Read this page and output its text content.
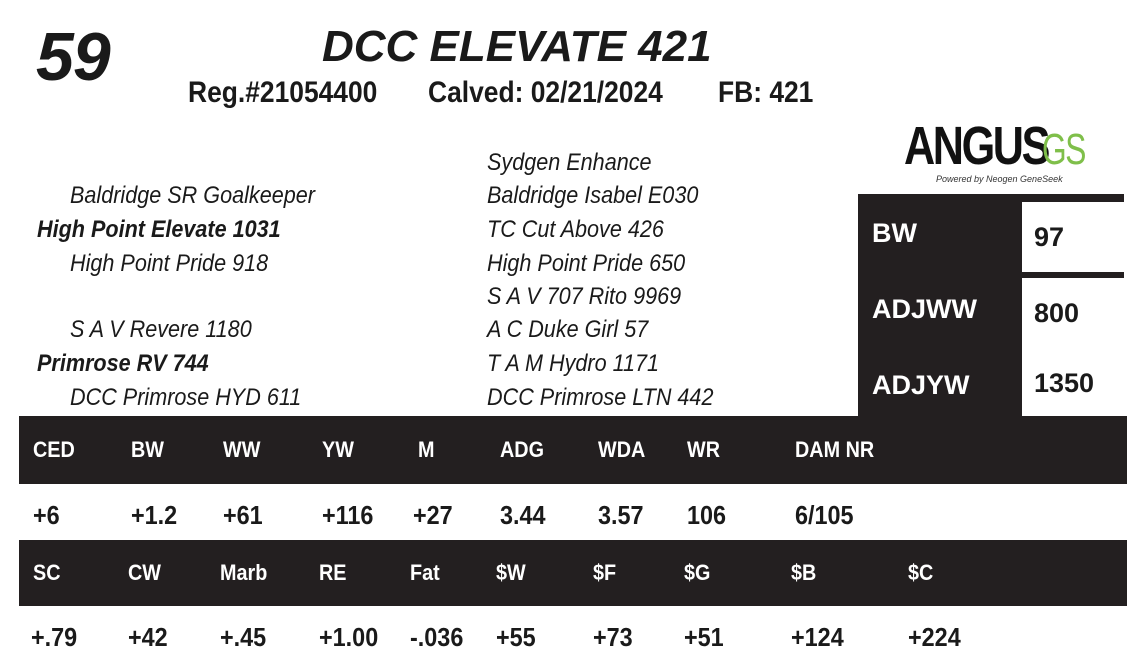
59	DCC ELEVATE 421
Reg.#21054400 Calved: 02/21/2024 FB: 421
Baldridge SR Goalkeeper
High Point Elevate 1031
High Point Pride 918
S A V Revere 1180
Primrose RV 744
DCC Primrose HYD 611
Sydgen Enhance
Baldridge Isabel E030
TC Cut Above 426
High Point Pride 650
S A V 707 Rito 9969
A C Duke Girl 57
T A M Hydro 1171
DCC Primrose LTN 442
ANGUS
GS
Powered by Neogen GeneSeek
BW	97
ADJWW 800
ADJYW 1350
CED	BW	WW	YW	M	ADG WDA WR	DAM NR
+6	+1.2 +61 +116 +27 3.44 3.57 106	6/105
SC	CW	Marb RE	Fat	$W	$F	$G	$B	$C
+.79 +42 +.45 +1.00 -.036 +55 +73 +51	+124 +224
